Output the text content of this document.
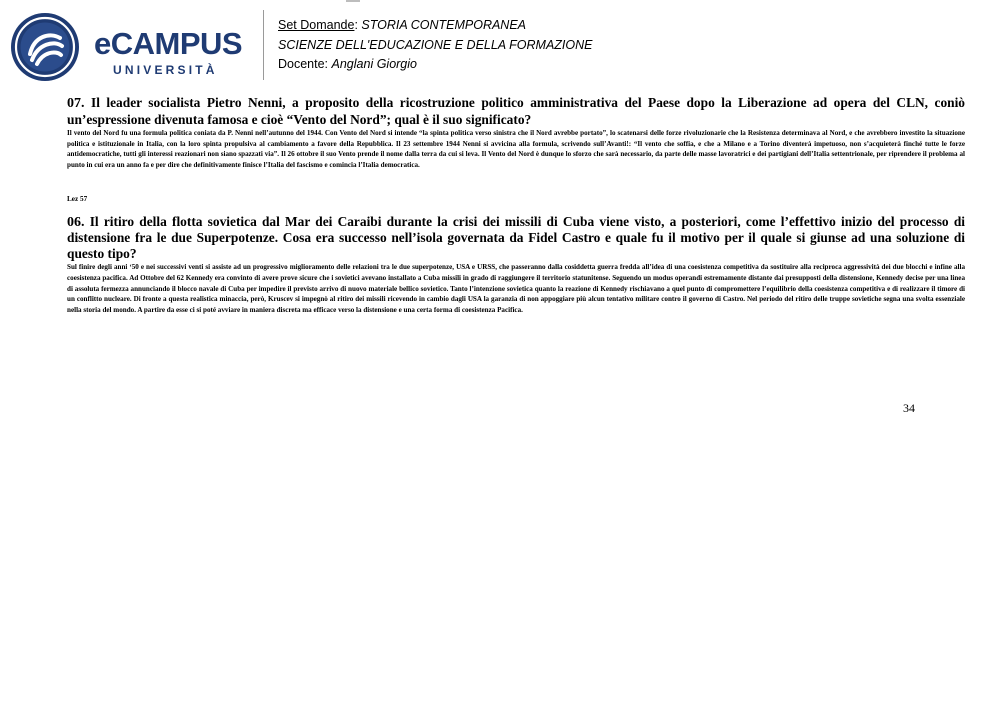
eCAMPUS
UNIVERSITÀ
Set Domande: STORIA CONTEMPORANEA
SCIENZE DELL'EDUCAZIONE E DELLA FORMAZIONE
Docente: Anglani Giorgio

07. Il leader socialista Pietro Nenni, a proposito della ricostruzione politico amministrativa del Paese dopo la Liberazione ad opera del CLN, coniò un’espressione divenuta famosa e cioè “Vento del Nord”; qual è il suo significato?

Il vento del Nord fu una formula politica coniata da P. Nenni nell’autunno del 1944. Con Vento del Nord si intende “la spinta politica verso sinistra che il Nord avrebbe portato”, lo scatenarsi delle forze rivoluzionarie che la Resistenza determinava al Nord, e che avrebbero investito la situazione politica e istituzionale in Italia, con la loro spinta propulsiva al cambiamento a favore della Repubblica. Il 23 settembre 1944 Nenni si avvicina alla formula, scrivendo sull’Avanti!: “Il vento che soffia, e che a Milano e a Torino diventerà impetuoso, non s’acquieterà finché tutte le forze antidemocratiche, tutti gli interessi reazionari non siano spazzati via”. Il 26 ottobre il suo Vento prende il nome dalla terra da cui si leva. Il Vento del Nord è dunque lo sforzo che sarà necessario, da parte delle masse lavoratrici e dei partigiani dell’Italia settentrionale, per riprendere il problema al punto in cui era un anno fa e per dire che definitivamente finisce l’Italia del fascismo e comincia l’Italia democratica.

Lez 57

06. Il ritiro della flotta sovietica dal Mar dei Caraibi durante la crisi dei missili di Cuba viene visto, a posteriori, come l’effettivo inizio del processo di distensione fra le due Superpotenze. Cosa era successo nell’isola governata da Fidel Castro e quale fu il motivo per il quale si giunse ad una soluzione di questo tipo?

Sul finire degli anni ‘50 e nei successivi venti si assiste ad un progressivo miglioramento delle relazioni tra le due superpotenze, USA e URSS, che passeranno dalla cosiddetta guerra fredda all’idea di una coesistenza competitiva da sostituire alla reciproca aggressività dei due blocchi e infine alla coesistenza pacifica. Ad Ottobre del 62 Kennedy era convinto di avere prove sicure che i sovietici avevano installato a Cuba missili in grado di raggiungere il territorio statunitense. Seguendo un modus operandi estremamente distante dai presupposti della distensione, Kennedy decise per una linea di assoluta fermezza annunciando il blocco navale di Cuba per impedire il previsto arrivo di nuovo materiale bellico sovietico. Tanto l’intenzione sovietica quanto la reazione di Kennedy rischiavano a quel punto di compromettere l’equilibrio della coesistenza competitiva e di realizzare il timore di un conflitto nucleare. Di fronte a questa realistica minaccia, però, Kruscev si impegnò al ritiro dei missili ricevendo in cambio dagli USA la garanzia di non appoggiare più alcun tentativo militare contro il governo di Castro. Nel periodo del ritiro delle truppe sovietiche segna una svolta essenziale nella storia del mondo. A partire da esse ci si poté avviare in maniera discreta ma efficace verso la distensione e una certa forma di coesistenza Pacifica.

34
